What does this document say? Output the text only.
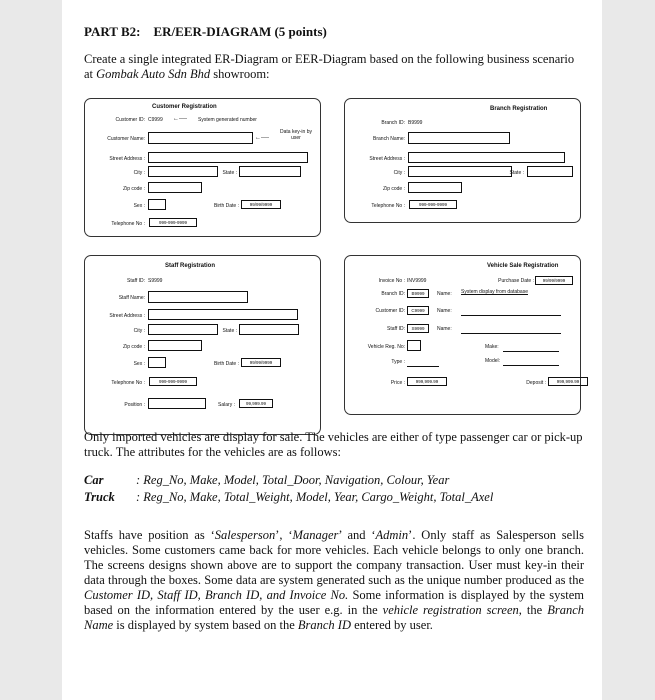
PART B2: ER/EER-DIAGRAM (5 points)
Create a single integrated ER-Diagram or EER-Diagram based on the following business scenario at Gombak Auto Sdn Bhd showroom:
Customer Registration
Customer ID: C9999 ←---- System generated number
Customer Name:	←----
Data key-in by user
Street Address :
City :	State :
Zip code :
Sex :	Birth Date :	99/99/9999
Telephone No :	999-999-9999
Branch Registration
Branch ID: B9999
Branch Name:
Street Address :
City :	State :
Zip code :
Telephone No :	999-999-9999
Staff Registration
Staff ID: S9999
Staff Name:
Street Address :
City :	State :
Zip code :
Sex :	Birth Date :	99/99/9999
Telephone No :	999-999-9999
Position :	Salary :	99,999.99
Vehicle Sale Registration
Invoice No : INV9999	Purchase Date :	99/99/9999
Branch ID:	B9999	Name: System display from database
Customer ID:	C9999	Name:
Staff ID:	S9999	Name:
Vehicle Reg. No:	Make:
Type :	Model:
Price :	999,999.99	Deposit :	999,999.99
Only imported vehicles are display for sale. The vehicles are either of type passenger car or pick-up truck. The attributes for the vehicles are as follows:
Car	: Reg_No, Make, Model, Total_Door, Navigation, Colour, Year
Truck : Reg_No, Make, Total_Weight, Model, Year, Cargo_Weight, Total_Axel
Staffs have position as ‘Salesperson’, ‘Manager’ and ‘Admin’. Only staff as Salesperson sells vehicles. Some customers came back for more vehicles. Each vehicle belongs to only one branch. The screens designs shown above are to support the company transaction. User must key-in their data through the boxes. Some data are system generated such as the unique number produced as the Customer ID, Staff ID, Branch ID, and Invoice No. Some information is displayed by the system based on the information entered by the user e.g. in the vehicle registration screen, the Branch Name is displayed by system based on the Branch ID entered by user.
